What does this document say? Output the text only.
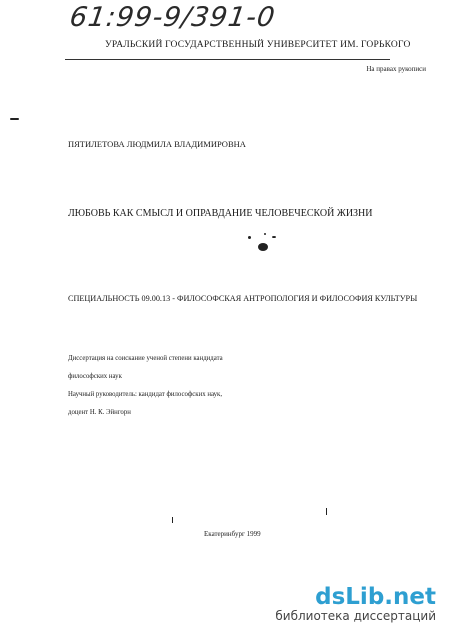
61:99-9/391-0
УРАЛЬСКИЙ ГОСУДАРСТВЕННЫЙ УНИВЕРСИТЕТ ИМ. ГОРЬКОГО
На правах рукописи
ПЯТИЛЕТОВА ЛЮДМИЛА ВЛАДИМИРОВНА
ЛЮБОВЬ КАК СМЫСЛ И ОПРАВДАНИЕ ЧЕЛОВЕЧЕСКОЙ ЖИЗНИ
СПЕЦИАЛЬНОСТЬ 09.00.13 - ФИЛОСОФСКАЯ АНТРОПОЛОГИЯ И ФИЛОСОФИЯ КУЛЬТУРЫ
Диссертация на соискание ученой степени кандидата
философских наук
Научный руководитель: кандидат философских наук,
доцент Н. К. Эйнгорн
Екатеринбург 1999
dsLib.net
библиотека диссертаций
